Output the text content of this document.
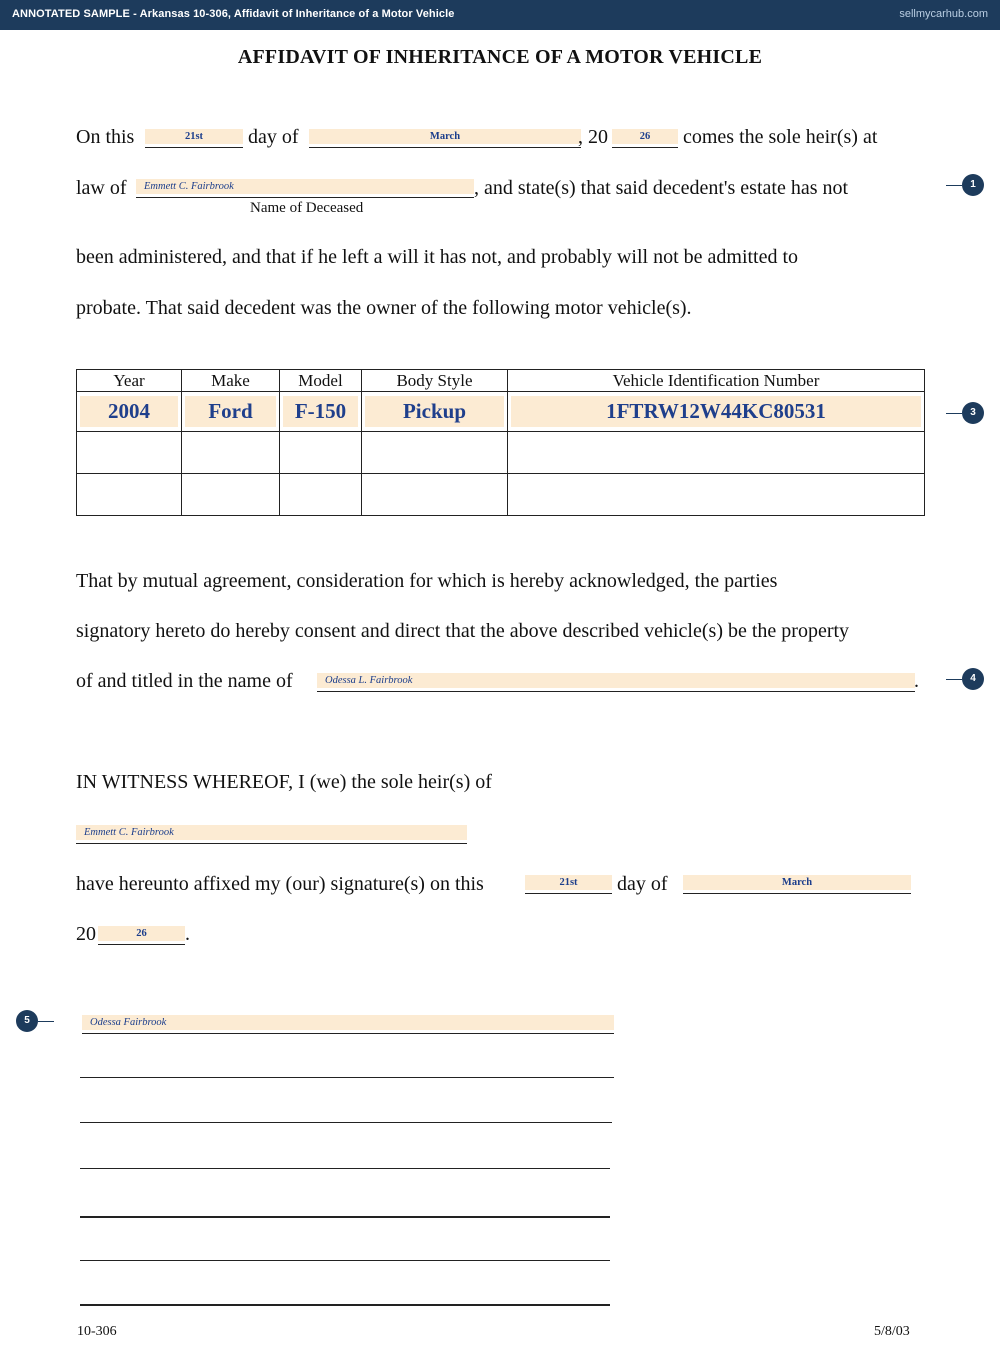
ANNOTATED SAMPLE - Arkansas 10-306, Affidavit of Inheritance of a Motor Vehicle	sellmycarhub.com
AFFIDAVIT OF INHERITANCE OF A MOTOR VEHICLE
On this	21st	day of	March	, 20	26	comes the sole heir(s) at
law of Emmett C. Fairbrook	, and state(s) that said decedent's estate has not
Name of Deceased
1
been administered, and that if he left a will it has not, and probably will not be admitted to
probate. That said decedent was the owner of the following motor vehicle(s).
Year	Make	Model	Body Style	Vehicle Identification Number

2004	Ford	F-150	Pickup	1FTRW12W44KC80531

					3
That by mutual agreement, consideration for which is hereby acknowledged, the parties
signatory hereto do hereby consent and direct that the above described vehicle(s) be the property
of and titled in the name of	Odessa L. Fairbrook	.	4
IN WITNESS WHEREOF, I (we) the sole heir(s) of
Emmett C. Fairbrook
have hereunto affixed my (our) signature(s) on this	21st	day of	March
20	26	.
5	Odessa Fairbrook
10-306	5/8/03
